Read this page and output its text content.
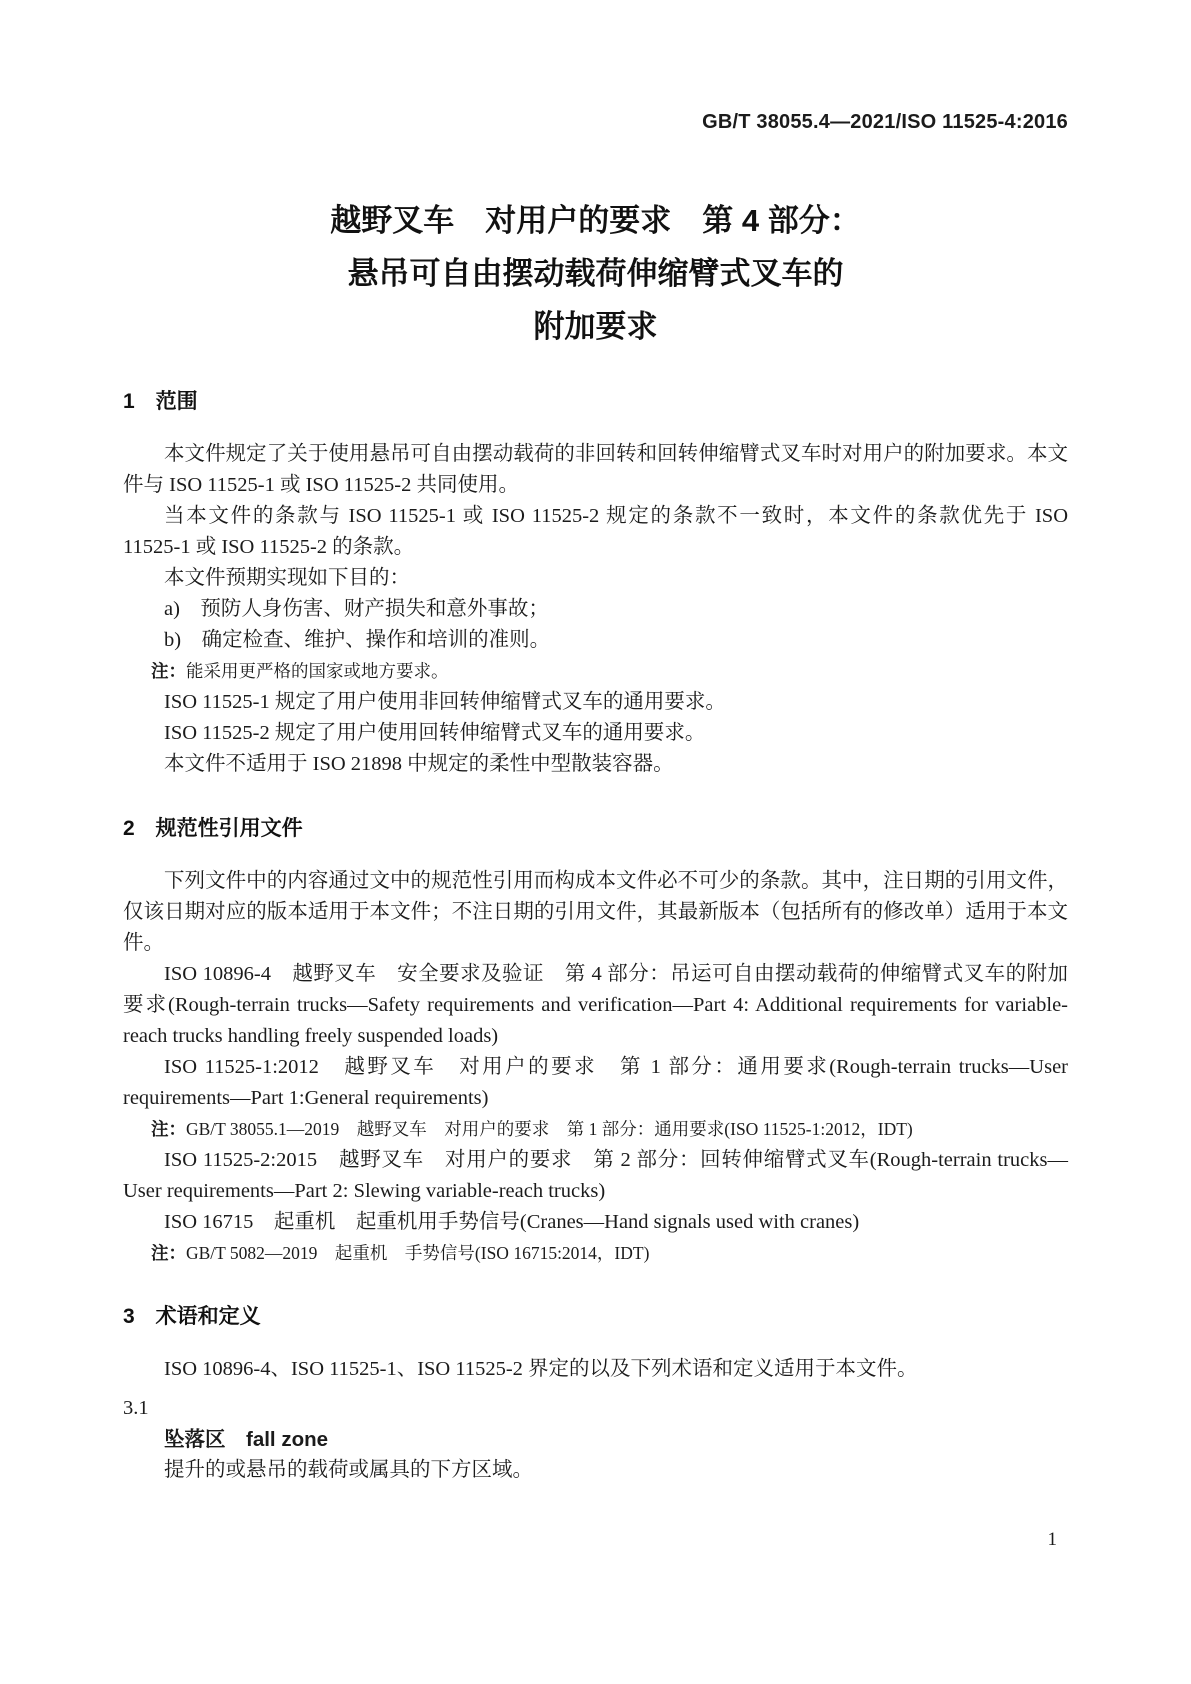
GB/T 38055.4—2021/ISO 11525-4:2016
越野叉车　对用户的要求　第 4 部分：
悬吊可自由摆动载荷伸缩臂式叉车的
附加要求
1　范围

本文件规定了关于使用悬吊可自由摆动载荷的非回转和回转伸缩臂式叉车时对用户的附加要求。本文件与 ISO 11525-1 或 ISO 11525-2 共同使用。

当本文件的条款与 ISO 11525-1 或 ISO 11525-2 规定的条款不一致时，本文件的条款优先于 ISO 11525-1 或 ISO 11525-2 的条款。

本文件预期实现如下目的：

a)　预防人身伤害、财产损失和意外事故；

b)　确定检查、维护、操作和培训的准则。

注：能采用更严格的国家或地方要求。

ISO 11525-1 规定了用户使用非回转伸缩臂式叉车的通用要求。

ISO 11525-2 规定了用户使用回转伸缩臂式叉车的通用要求。

本文件不适用于 ISO 21898 中规定的柔性中型散装容器。

2　规范性引用文件

下列文件中的内容通过文中的规范性引用而构成本文件必不可少的条款。其中，注日期的引用文件，仅该日期对应的版本适用于本文件；不注日期的引用文件，其最新版本（包括所有的修改单）适用于本文件。

ISO 10896-4　越野叉车　安全要求及验证　第 4 部分：吊运可自由摆动载荷的伸缩臂式叉车的附加要求(Rough-terrain trucks—Safety requirements and verification—Part 4: Additional requirements for variable-reach trucks handling freely suspended loads)

ISO 11525-1:2012　越野叉车　对用户的要求　第 1 部分：通用要求(Rough-terrain trucks—User requirements—Part 1:General requirements)

注：GB/T 38055.1—2019　越野叉车　对用户的要求　第 1 部分：通用要求(ISO 11525-1:2012，IDT)

ISO 11525-2:2015　越野叉车　对用户的要求　第 2 部分：回转伸缩臂式叉车(Rough-terrain trucks—User requirements—Part 2: Slewing variable-reach trucks)

ISO 16715　起重机　起重机用手势信号(Cranes—Hand signals used with cranes)

注：GB/T 5082—2019　起重机　手势信号(ISO 16715:2014，IDT)

3　术语和定义

ISO 10896-4、ISO 11525-1、ISO 11525-2 界定的以及下列术语和定义适用于本文件。

3.1

坠落区　fall zone

提升的或悬吊的载荷或属具的下方区域。

1
